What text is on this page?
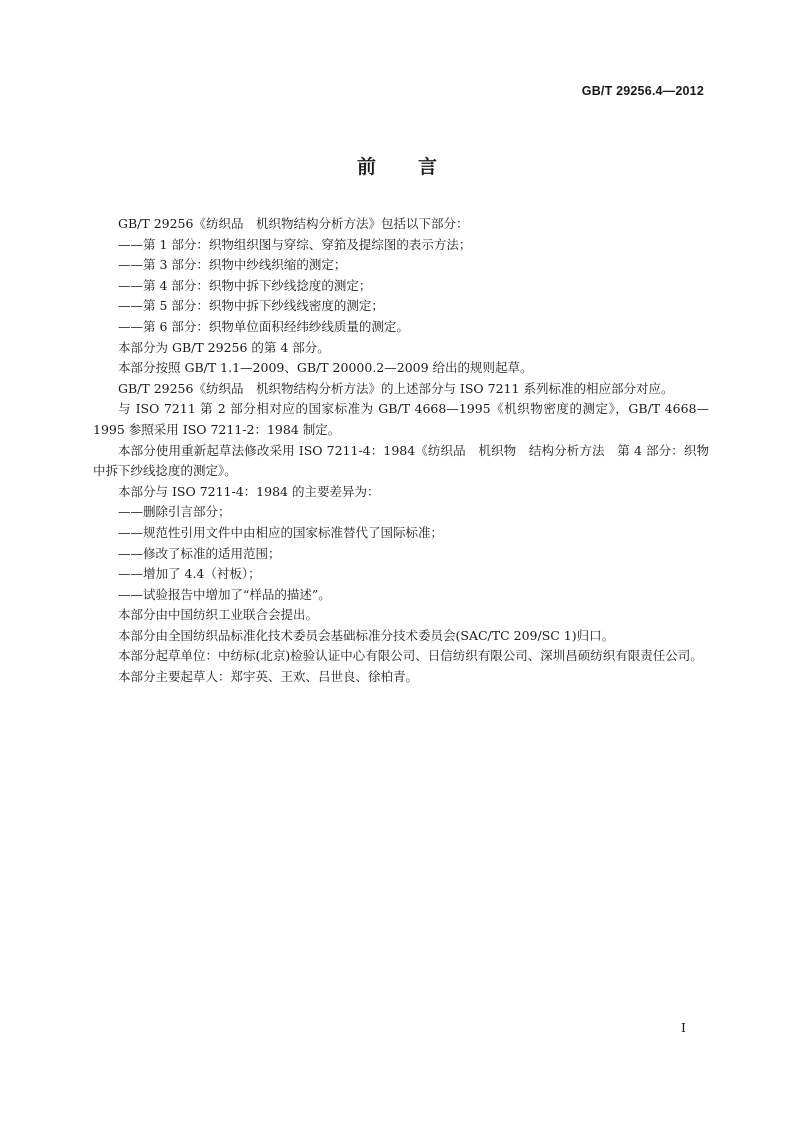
GB/T 29256.4—2012
前 言

GB/T 29256《纺织品　机织物结构分析方法》包括以下部分：

——第 1 部分：织物组织图与穿综、穿筘及提综图的表示方法；

——第 3 部分：织物中纱线织缩的测定；

——第 4 部分：织物中拆下纱线捻度的测定；

——第 5 部分：织物中拆下纱线线密度的测定；

——第 6 部分：织物单位面积经纬纱线质量的测定。

本部分为 GB/T 29256 的第 4 部分。

本部分按照 GB/T 1.1—2009、GB/T 20000.2—2009 给出的规则起草。

GB/T 29256《纺织品　机织物结构分析方法》的上述部分与 ISO 7211 系列标准的相应部分对应。

与 ISO 7211 第 2 部分相对应的国家标准为 GB/T 4668—1995《机织物密度的测定》，GB/T 4668—1995 参照采用 ISO 7211-2：1984 制定。

本部分使用重新起草法修改采用 ISO 7211-4：1984《纺织品　机织物　结构分析方法　第 4 部分：织物中拆下纱线捻度的测定》。

本部分与 ISO 7211-4：1984 的主要差异为：

——删除引言部分；

——规范性引用文件中由相应的国家标准替代了国际标准；

——修改了标准的适用范围；

——增加了 4.4（衬板）；

——试验报告中增加了“样品的描述”。

本部分由中国纺织工业联合会提出。

本部分由全国纺织品标准化技术委员会基础标准分技术委员会(SAC/TC 209/SC 1)归口。

本部分起草单位：中纺标(北京)检验认证中心有限公司、日信纺织有限公司、深圳昌硕纺织有限责任公司。

本部分主要起草人：郑宇英、王欢、吕世良、徐柏青。

I
